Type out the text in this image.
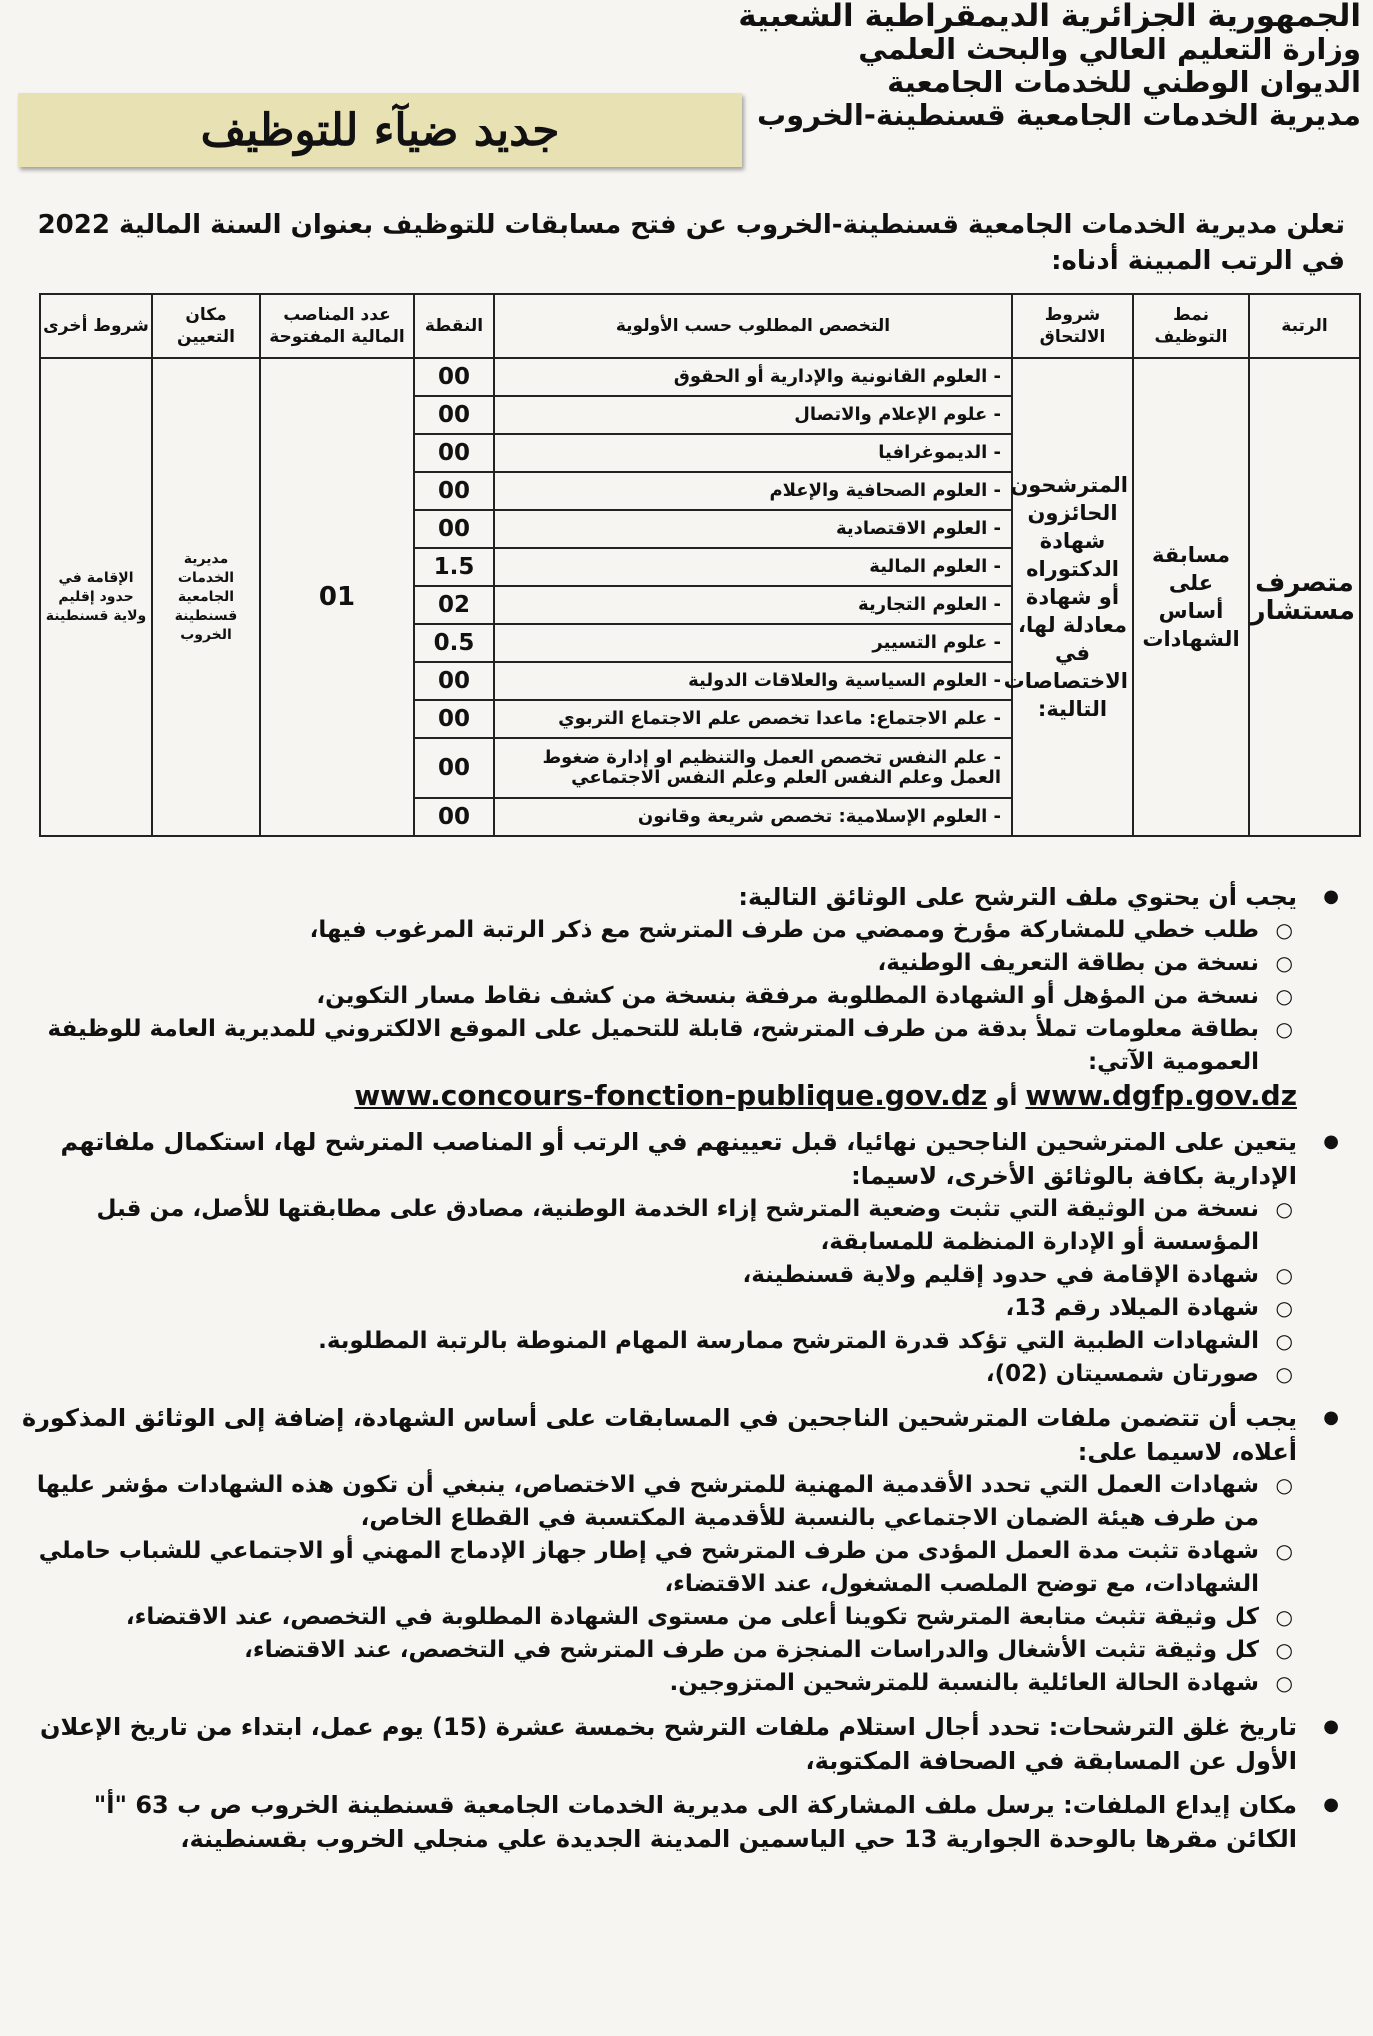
الجمهورية الجزائرية الديمقراطية الشعبية
وزارة التعليم العالي والبحث العلمي
الديوان الوطني للخدمات الجامعية
مديرية الخدمات الجامعية قسنطينة-الخروب
جديد ضيآء للتوظيف
تعلن مديرية الخدمات الجامعية قسنطينة-الخروب عن فتح مسابقات للتوظيف بعنوان السنة المالية 2022 في الرتب المبينة أدناه:
الرتبة	نمط التوظيف	شروط الالتحاق	التخصص المطلوب حسب الأولوية	النقطة	عدد المناصب المالية المفتوحة	مكان التعيين	شروط أخرى
متصرف مستشار	مسابقة على أساس الشهادات	المترشحون الحائزون شهادة الدكتوراه أو شهادة معادلة لها، في الاختصاصات التالية:	- العلوم القانونية والإدارية أو الحقوق	00	01	مديرية الخدمات الجامعية قسنطينة الخروب	الإقامة في حدود إقليم ولاية قسنطينة
			- علوم الإعلام والاتصال	00			
			- الديموغرافيا	00			
			- العلوم الصحافية والإعلام	00			
			- العلوم الاقتصادية	00			
			- العلوم المالية	1.5			
			- العلوم التجارية	02			
			- علوم التسيير	0.5			
			- العلوم السياسية والعلاقات الدولية	00			
			- علم الاجتماع: ماعدا تخصص علم الاجتماع التربوي	00			
			- علم النفس تخصص العمل والتنظيم او إدارة ضغوط العمل وعلم النفس العلم وعلم النفس الاجتماعي	00			
			- العلوم الإسلامية: تخصص شريعة وقانون	00			
● يجب أن يحتوي ملف الترشح على الوثائق التالية:
○ طلب خطي للمشاركة مؤرخ وممضي من طرف المترشح مع ذكر الرتبة المرغوب فيها،
○ نسخة من بطاقة التعريف الوطنية،
○ نسخة من المؤهل أو الشهادة المطلوبة مرفقة بنسخة من كشف نقاط مسار التكوين،
○ بطاقة معلومات تملأ بدقة من طرف المترشح، قابلة للتحميل على الموقع الالكتروني للمديرية العامة للوظيفة العمومية الآتي:
www.dgfp.gov.dz أو www.concours-fonction-publique.gov.dz
● يتعين على المترشحين الناجحين نهائيا، قبل تعيينهم في الرتب أو المناصب المترشح لها، استكمال ملفاتهم الإدارية بكافة بالوثائق الأخرى، لاسيما:
○ نسخة من الوثيقة التي تثبت وضعية المترشح إزاء الخدمة الوطنية، مصادق على مطابقتها للأصل، من قبل المؤسسة أو الإدارة المنظمة للمسابقة،
○ شهادة الإقامة في حدود إقليم ولاية قسنطينة،
○ شهادة الميلاد رقم 13،
○ الشهادات الطبية التي تؤكد قدرة المترشح ممارسة المهام المنوطة بالرتبة المطلوبة.
○ صورتان شمسيتان (02)،
● يجب أن تتضمن ملفات المترشحين الناجحين في المسابقات على أساس الشهادة، إضافة إلى الوثائق المذكورة أعلاه، لاسيما على:
○ شهادات العمل التي تحدد الأقدمية المهنية للمترشح في الاختصاص، ينبغي أن تكون هذه الشهادات مؤشر عليها من طرف هيئة الضمان الاجتماعي بالنسبة للأقدمية المكتسبة في القطاع الخاص،
○ شهادة تثبت مدة العمل المؤدى من طرف المترشح في إطار جهاز الإدماج المهني أو الاجتماعي للشباب حاملي الشهادات، مع توضح الملصب المشغول، عند الاقتضاء،
○ كل وثيقة تثبث متابعة المترشح تكوينا أعلى من مستوى الشهادة المطلوبة في التخصص، عند الاقتضاء،
○ كل وثيقة تثبت الأشغال والدراسات المنجزة من طرف المترشح في التخصص، عند الاقتضاء،
○ شهادة الحالة العائلية بالنسبة للمترشحين المتزوجين.
● تاريخ غلق الترشحات: تحدد أجال استلام ملفات الترشح بخمسة عشرة (15) يوم عمل، ابتداء من تاريخ الإعلان الأول عن المسابقة في الصحافة المكتوبة،
● مكان إيداع الملفات: يرسل ملف المشاركة الى مديرية الخدمات الجامعية قسنطينة الخروب ص ب 63 "أ" الكائن مقرها بالوحدة الجوارية 13 حي الياسمين المدينة الجديدة علي منجلي الخروب بقسنطينة،
